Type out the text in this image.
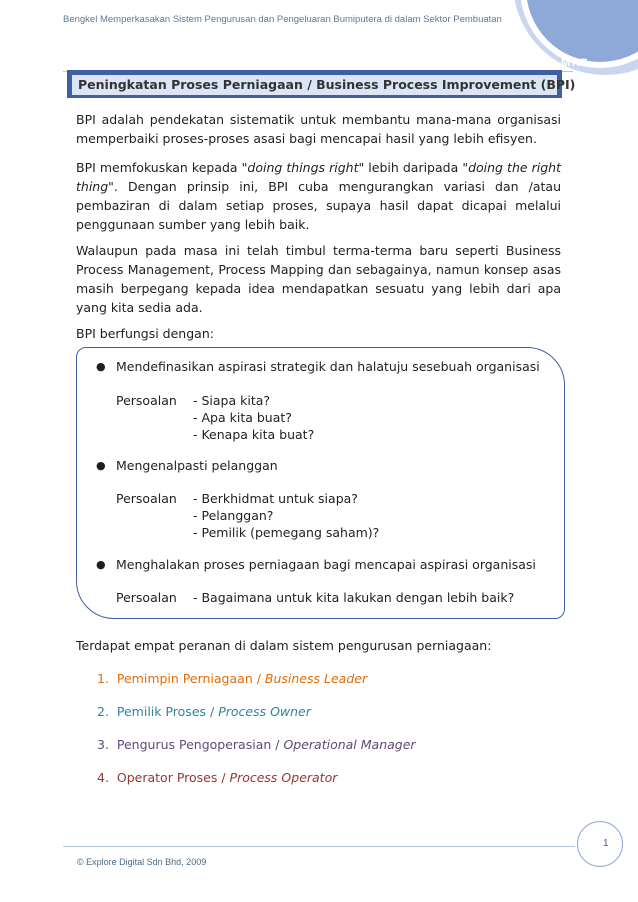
Bengkel Memperkasakan Sistem Pengurusan dan Pengeluaran Bumiputera di dalam Sektor Pembuatan
MTIB
Peningkatan Proses Perniagaan / Business Process Improvement (BPI)
BPI adalah pendekatan sistematik untuk membantu mana-mana organisasi memperbaiki proses-proses asasi bagi mencapai hasil yang lebih efisyen.
BPI memfokuskan kepada "doing things right" lebih daripada "doing the right thing". Dengan prinsip ini, BPI cuba mengurangkan variasi dan /atau pembaziran di dalam setiap proses, supaya hasil dapat dicapai melalui penggunaan sumber yang lebih baik.
Walaupun pada masa ini telah timbul terma-terma baru seperti Business Process Management, Process Mapping dan sebagainya, namun konsep asas masih berpegang kepada idea mendapatkan sesuatu yang lebih dari apa yang kita sedia ada.
BPI berfungsi dengan:
● Mendefinasikan aspirasi strategik dan halatuju sesebuah organisasi
Persoalan - Siapa kita?
- Apa kita buat?
- Kenapa kita buat?
● Mengenalpasti pelanggan
Persoalan - Berkhidmat untuk siapa?
- Pelanggan?
- Pemilik (pemegang saham)?
● Menghalakan proses perniagaan bagi mencapai aspirasi organisasi
Persoalan - Bagaimana untuk kita lakukan dengan lebih baik?
Terdapat empat peranan di dalam sistem pengurusan perniagaan:
1. Pemimpin Perniagaan / Business Leader
2. Pemilik Proses / Process Owner
3. Pengurus Pengoperasian / Operational Manager
4. Operator Proses / Process Operator
1
© Explore Digital Sdn Bhd, 2009
